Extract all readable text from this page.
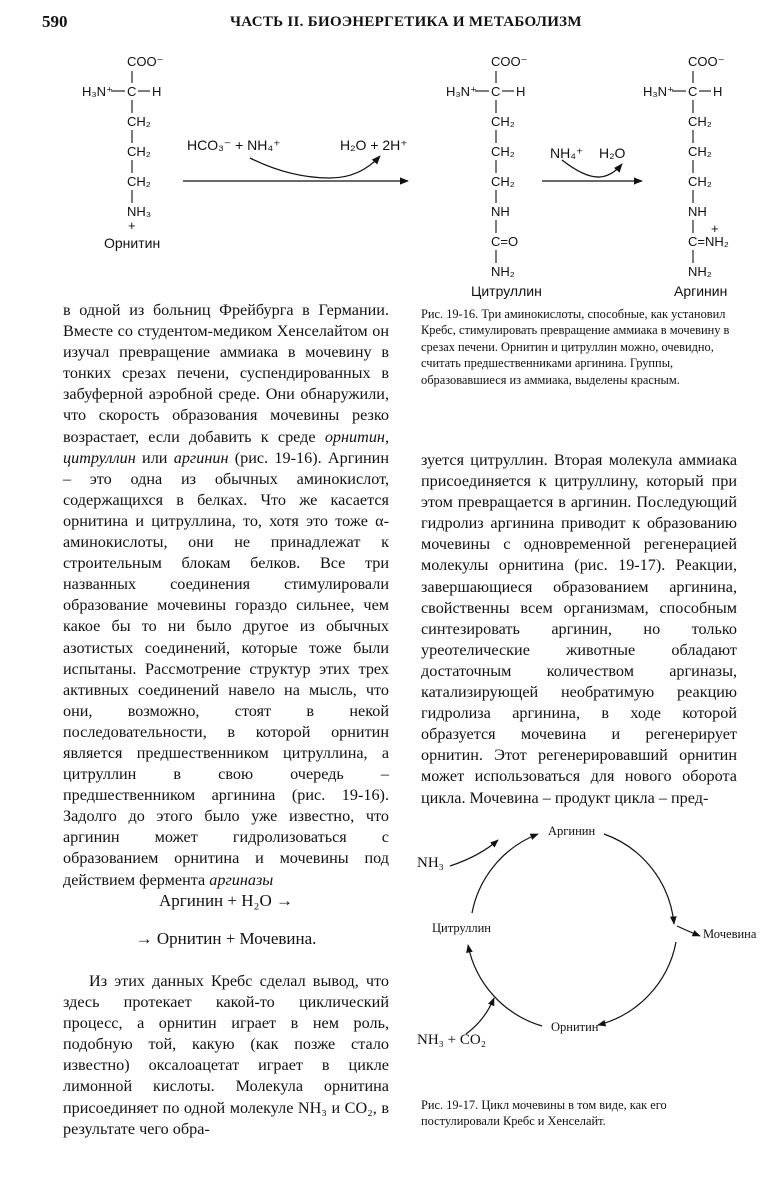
590	ЧАСТЬ II. БИОЭНЕРГЕТИКА И МЕТАБОЛИЗМ
COO⁻
H₃N⁺ C H
CH₂
CH₂
CH₂
NH₃
+
COO⁻
H₃N⁺ C H
CH₂
CH₂
CH₂
NH
C=O
NH₂
COO⁻
H₃N⁺ C H
CH₂
CH₂
CH₂
NH
+
C=NH₂
NH₂
HCO₃⁻ + NH₄⁺	H₂O + 2H⁺	NH₄⁺ H₂O
Орнитин
Цитруллин	Аргинин
Рис. 19-16. Три аминокислоты, способные, как установил Кребс, стимулировать превращение аммиака в мочевину в срезах печени. Орнитин и цитруллин можно, очевидно, считать предшественниками аргинина. Группы, образовавшиеся из аммиака, выделены красным.

в одной из больниц Фрейбурга в Германии. Вместе со студентом-медиком Хенселайтом он изучал превращение аммиака в мочевину в тонких срезах печени, суспендированных в забуферной аэробной среде. Они обнаружили, что скорость образования мочевины резко возрастает, если добавить к среде орнитин, цитруллин или аргинин (рис. 19-16). Аргинин – это одна из обычных аминокислот, содержащихся в белках. Что же касается орнитина и цитруллина, то, хотя это тоже α-аминокислоты, они не принадлежат к строительным блокам белков. Все три названных соединения стимулировали образование мочевины гораздо сильнее, чем какое бы то ни было другое из обычных азотистых соединений, которые тоже были испытаны. Рассмотрение структур этих трех активных соединений навело на мысль, что они, возможно, стоят в некой последовательности, в которой орнитин является предшественником цитруллина, а цитруллин в свою очередь – предшественником аргинина (рис. 19-16). Задолго до этого было уже известно, что аргинин может гидролизоваться с образованием орнитина и мочевины под действием фермента аргиназы

Аргинин + H₂O →
→ Орнитин + Мочевина.
Из этих данных Кребс сделал вывод, что здесь протекает какой-то циклический процесс, а орнитин играет в нем роль, подобную той, какую (как позже стало известно) оксалоацетат играет в цикле лимонной кислоты. Молекула орнитина присоединяет по одной молекуле NH₃ и CO₂, в результате чего обра-

зуется цитруллин. Вторая молекула аммиака присоединяется к цитруллину, который при этом превращается в аргинин. Последующий гидролиз аргинина приводит к образованию мочевины с одновременной регенерацией молекулы орнитина (рис. 19-17). Реакции, завершающиеся образованием аргинина, свойственны всем организмам, способным синтезировать аргинин, но только уреотелические животные обладают достаточным количеством аргиназы, катализирующей необратимую реакцию гидролиза аргинина, в ходе которой образуется мочевина и регенерирует орнитин. Этот регенерировавший орнитин может использоваться для нового оборота цикла. Мочевина – продукт цикла – пред-

Аргинин
Цитруллин
Орнитин
Мочевина
NH₃
NH₃ + CO₂
Рис. 19-17. Цикл мочевины в том виде, как его постулировали Кребс и Хенселайт.
